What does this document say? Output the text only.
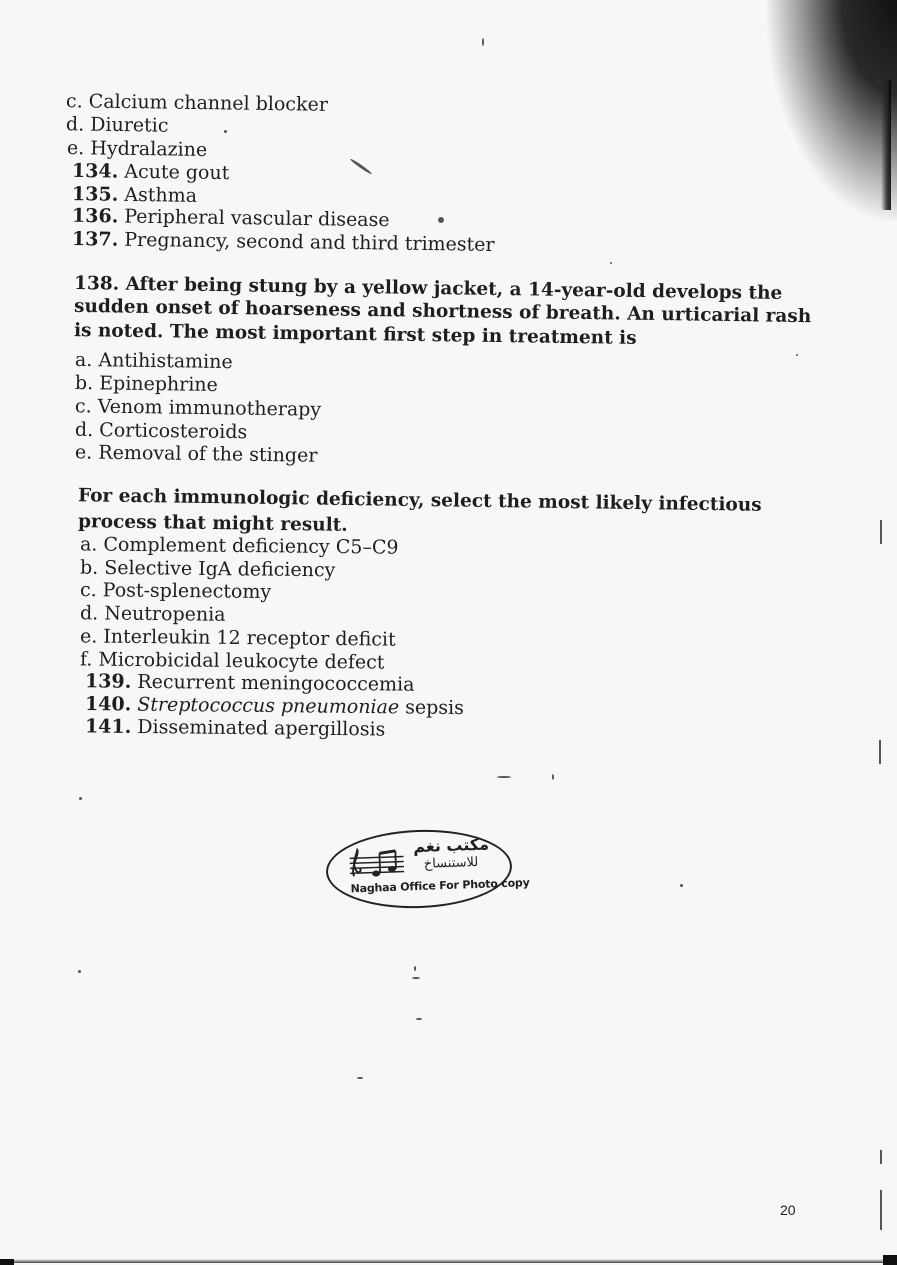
c. Calcium channel blocker
d. Diuretic
e. Hydralazine
134. Acute gout
135. Asthma
136. Peripheral vascular disease
137. Pregnancy, second and third trimester
138. After being stung by a yellow jacket, a 14-year-old develops the
sudden onset of hoarseness and shortness of breath. An urticarial rash
is noted. The most important first step in treatment is
a. Antihistamine
b. Epinephrine
c. Venom immunotherapy
d. Corticosteroids
e. Removal of the stinger
For each immunologic deficiency, select the most likely infectious
process that might result.
a. Complement deficiency C5–C9
b. Selective IgA deficiency
c. Post-splenectomy
d. Neutropenia
e. Interleukin 12 receptor deficit
f. Microbicidal leukocyte defect
139. Recurrent meningococcemia
140. Streptococcus pneumoniae sepsis
141. Disseminated apergillosis
مكتب نغم
للاستنساخ
Naghaa Office For Photo copy
20
